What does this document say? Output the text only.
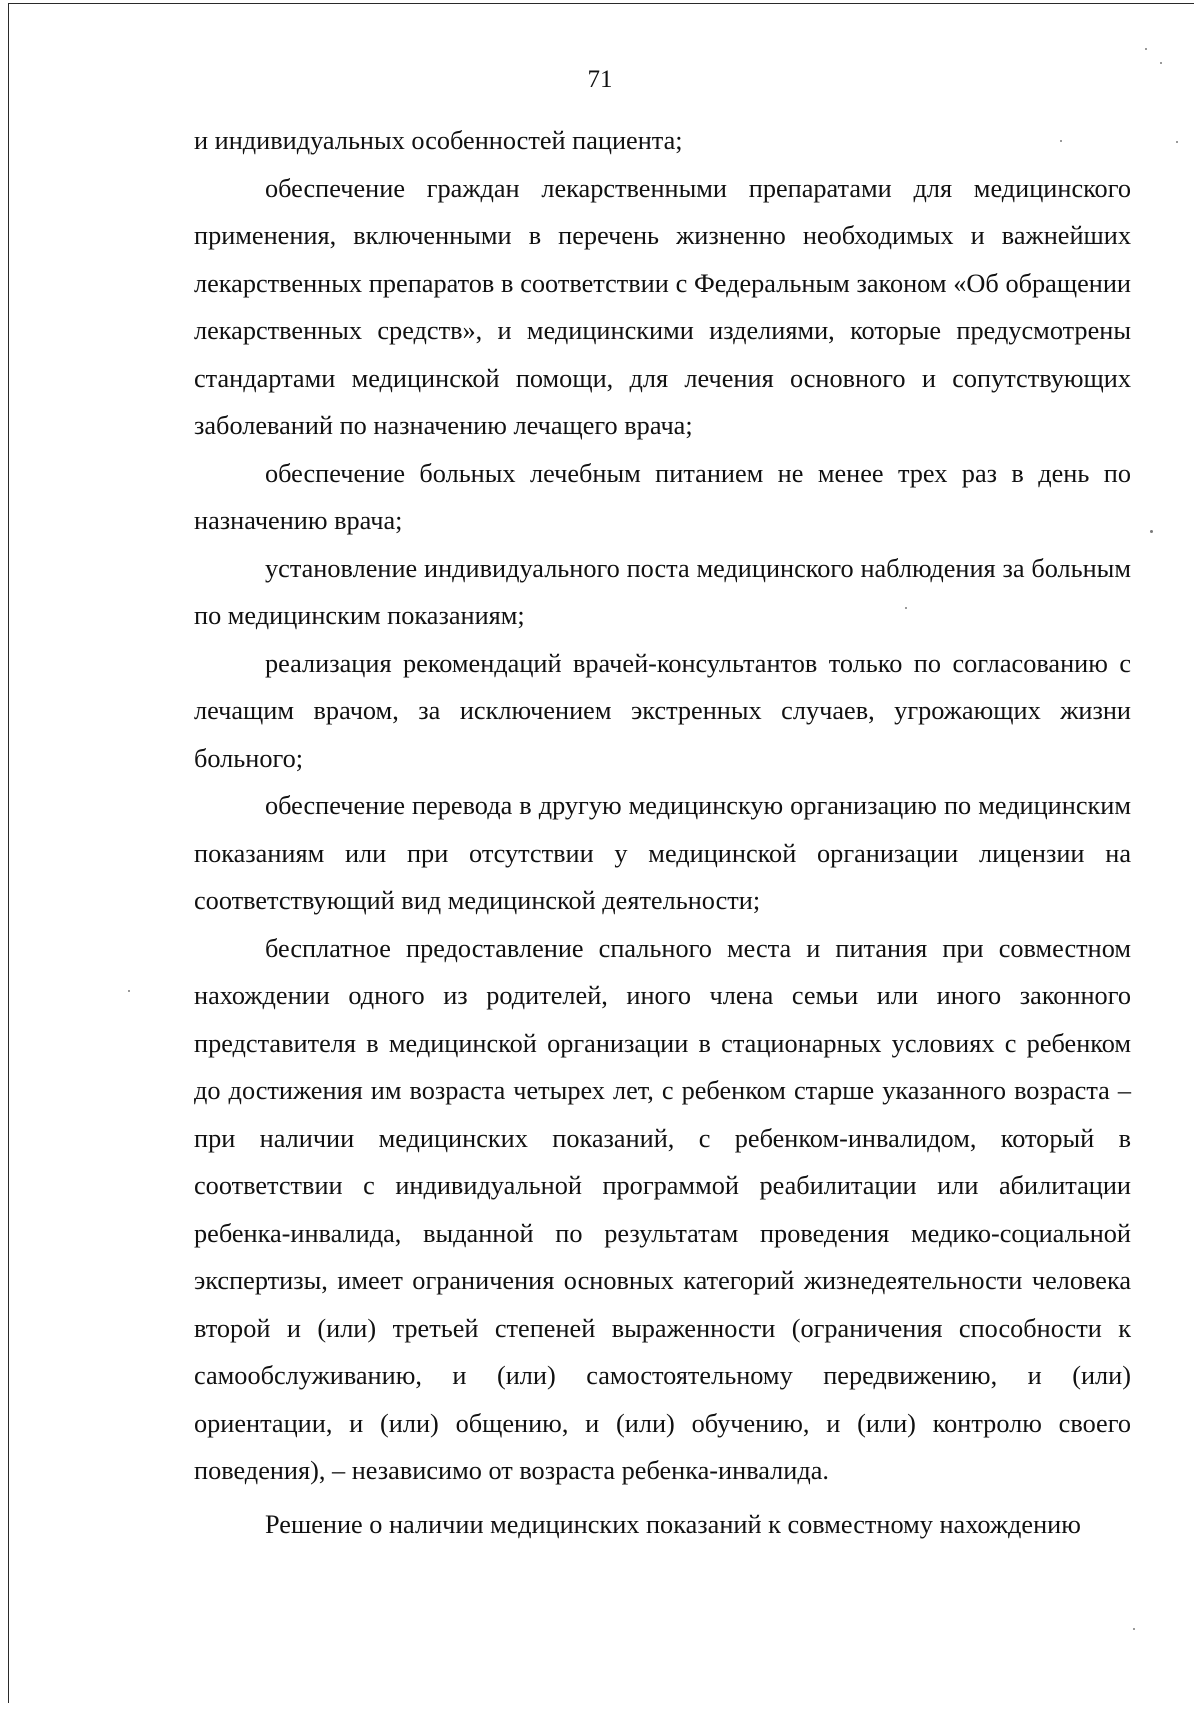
71

и индивидуальных особенностей пациента;

обеспечение граждан лекарственными препаратами для медицинского применения, включенными в перечень жизненно необходимых и важнейших лекарственных препаратов в соответствии с Федеральным законом «Об обращении лекарственных средств», и медицинскими изделиями, которые предусмотрены стандартами медицинской помощи, для лечения основного и сопутствующих заболеваний по назначению лечащего врача;

обеспечение больных лечебным питанием не менее трех раз в день по назначению врача;

установление индивидуального поста медицинского наблюдения за больным по медицинским показаниям;

реализация рекомендаций врачей-консультантов только по согласованию с лечащим врачом, за исключением экстренных случаев, угрожающих жизни больного;

обеспечение перевода в другую медицинскую организацию по медицинским показаниям или при отсутствии у медицинской организации лицензии на соответствующий вид медицинской деятельности;

бесплатное предоставление спального места и питания при совместном нахождении одного из родителей, иного члена семьи или иного законного представителя в медицинской организации в стационарных условиях с ребенком до достижения им возраста четырех лет, с ребенком старше указанного возраста – при наличии медицинских показаний, с ребенком-инвалидом, который в соответствии с индивидуальной программой реабилитации или абилитации ребенка-инвалида, выданной по результатам проведения медико-социальной экспертизы, имеет ограничения основных категорий жизнедеятельности человека второй и (или) третьей степеней выраженности (ограничения способности к самообслуживанию, и (или) самостоятельному передвижению, и (или) ориентации, и (или) общению, и (или) обучению, и (или) контролю своего поведения), – независимо от возраста ребенка-инвалида.

Решение о наличии медицинских показаний к совместному нахождению
